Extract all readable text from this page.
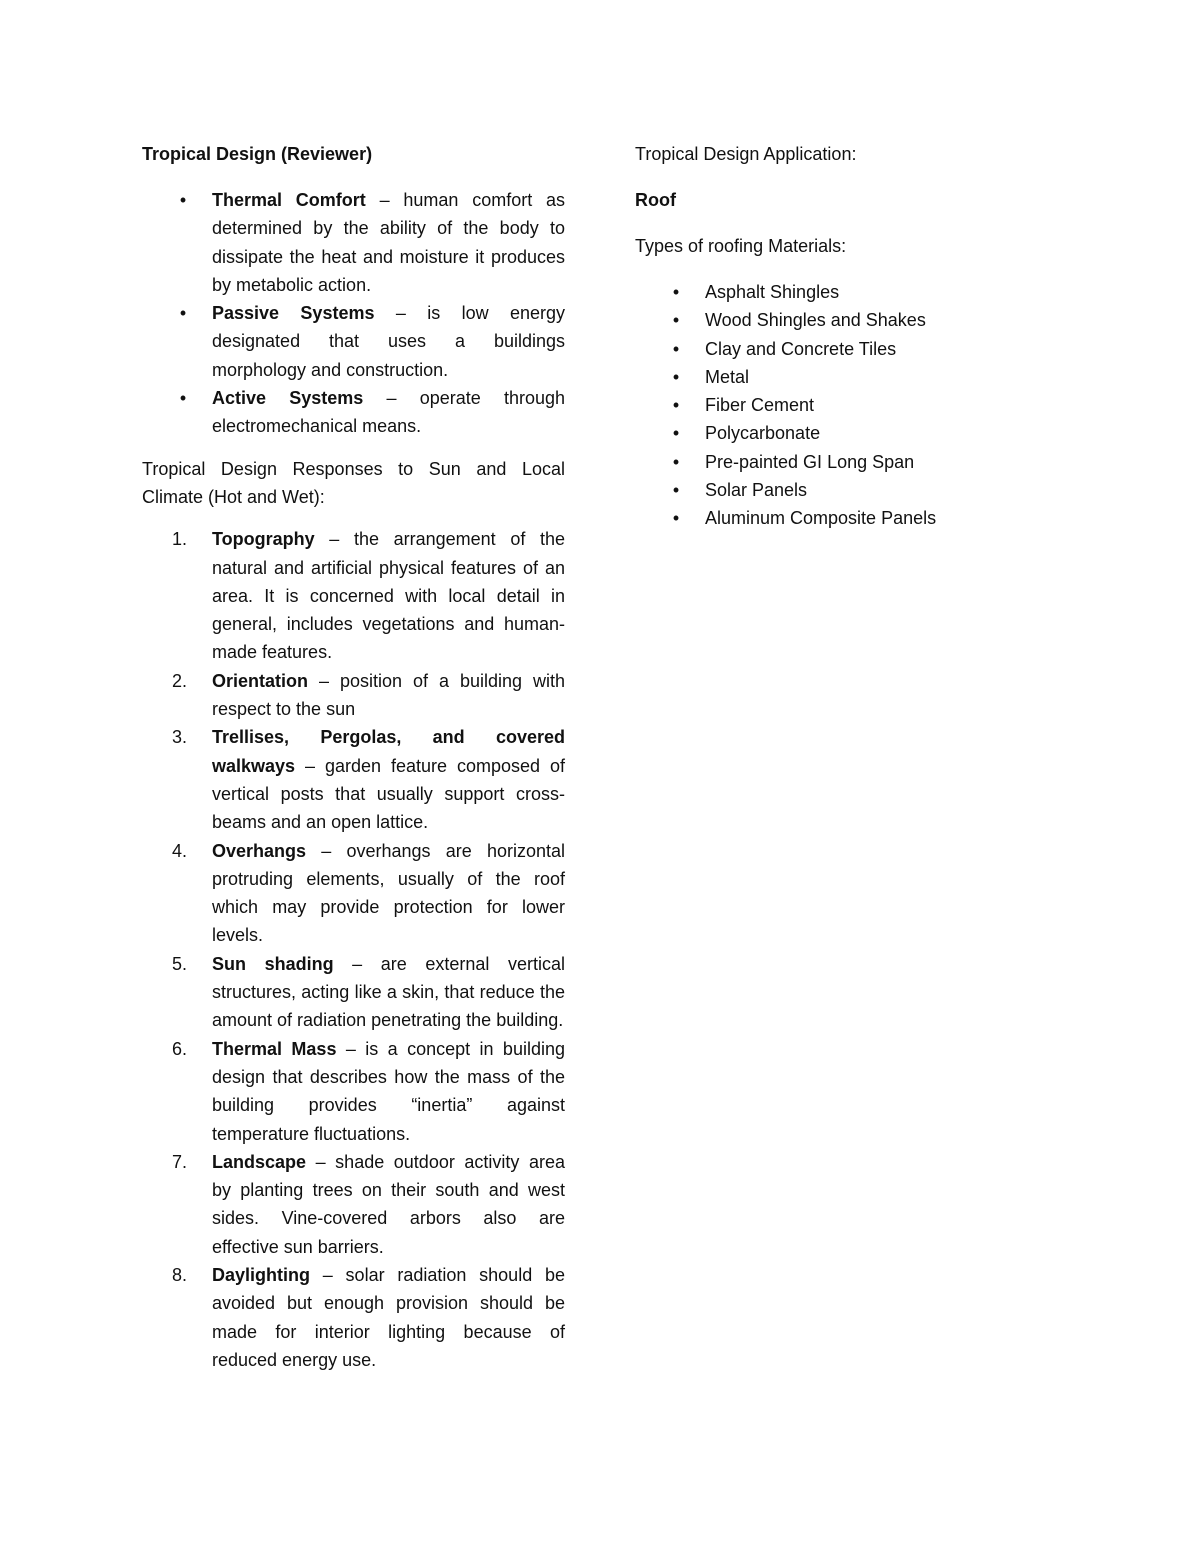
Tropical Design (Reviewer)
• Thermal Comfort – human comfort as determined by the ability of the body to dissipate the heat and moisture it produces by metabolic action.
• Passive Systems – is low energy designated that uses a buildings morphology and construction.
• Active Systems – operate through electromechanical means.
Tropical Design Responses to Sun and Local Climate (Hot and Wet):
1.	Topography – the arrangement of the natural and artificial physical features of an area. It is concerned with local detail in general, includes vegetations and human-made features.
2.	Orientation – position of a building with respect to the sun
3.	Trellises, Pergolas, and covered walkways – garden feature composed of vertical posts that usually support cross-beams and an open lattice.
4.	Overhangs – overhangs are horizontal protruding elements, usually of the roof which may provide protection for lower levels.
5.	Sun shading – are external vertical structures, acting like a skin, that reduce the amount of radiation penetrating the building.
6.	Thermal Mass – is a concept in building design that describes how the mass of the building provides “inertia” against temperature fluctuations.
7.	Landscape – shade outdoor activity area by planting trees on their south and west sides. Vine-covered arbors also are effective sun barriers.
8.	Daylighting – solar radiation should be avoided but enough provision should be made for interior lighting because of reduced energy use.
Tropical Design Application:
Roof
Types of roofing Materials:
• Asphalt Shingles
• Wood Shingles and Shakes
• Clay and Concrete Tiles
• Metal
• Fiber Cement
• Polycarbonate
• Pre-painted GI Long Span
• Solar Panels
• Aluminum Composite Panels
